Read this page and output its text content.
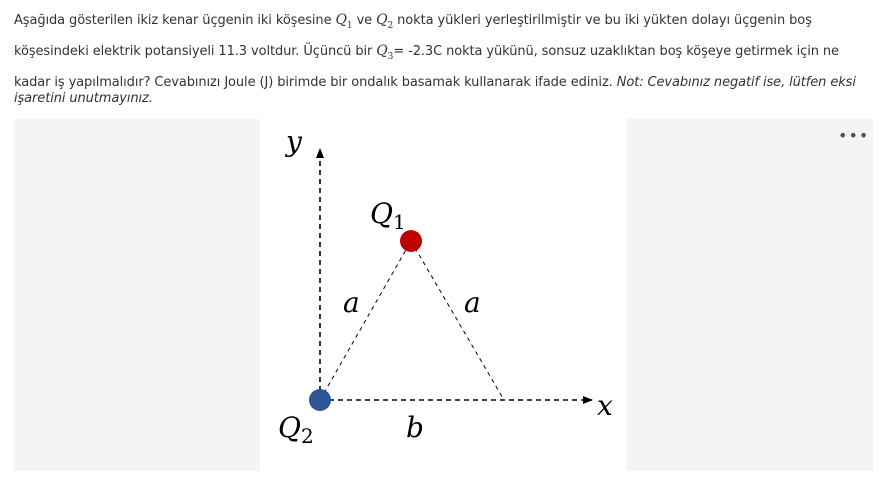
Aşağıda gösterilen ikiz kenar üçgenin iki köşesine $Q_1$ ve $Q_2$ nokta yükleri yerleştirilmiştir ve bu iki yükten dolayı üçgenin boş

köşesindeki elektrik potansiyeli 11.3 voltdur. Üçüncü bir $Q_3= -2.3C$ nokta yükünü, sonsuz uzaklıktan boş köşeye getirmek için ne

kadar iş yapılmalıdır? Cevabınızı Joule (J) birimde bir ondalık basamak kullanarak ifade ediniz. Not: Cevabınız negatif ise, lütfen eksi

işaretini unutmayınız.

•••
y
x
$Q_1$
$Q_2$
a	a
b
